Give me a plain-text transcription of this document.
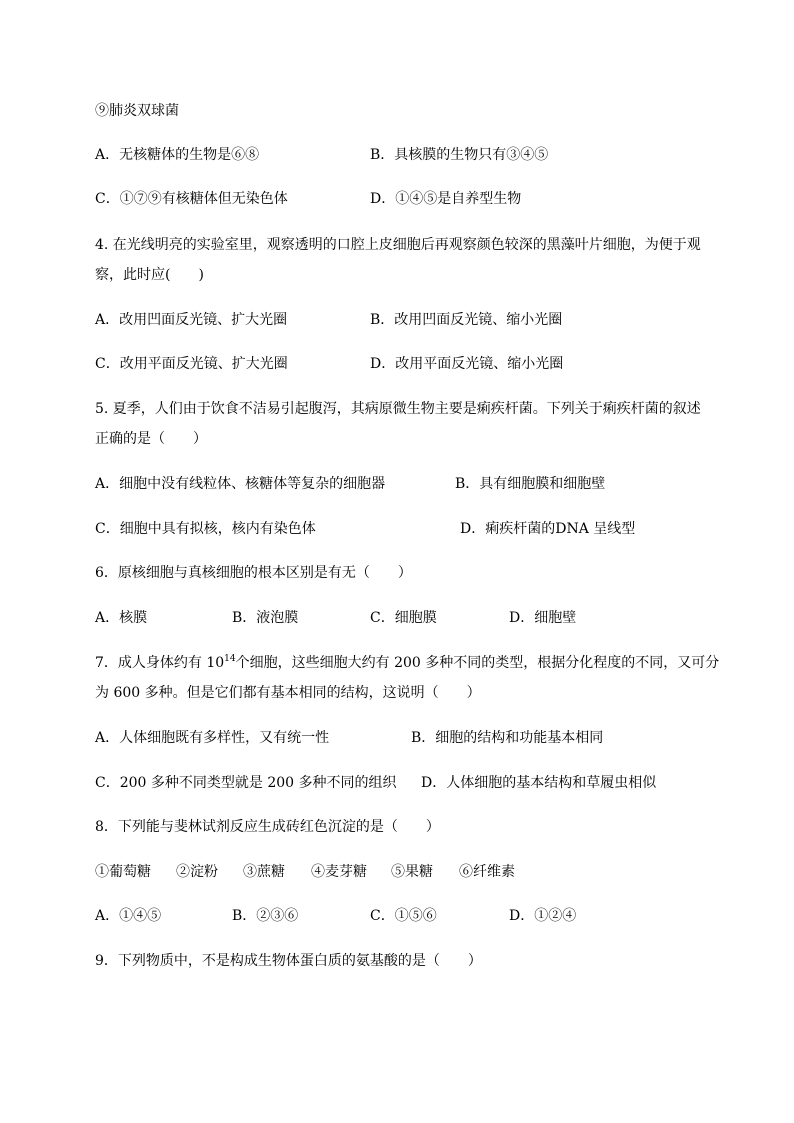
⑨肺炎双球菌
A．无核糖体的生物是⑥⑧	B．具核膜的生物只有③④⑤
C．①⑦⑨有核糖体但无染色体	D．①④⑤是自养型生物
4. 在光线明亮的实验室里，观察透明的口腔上皮细胞后再观察颜色较深的黑藻叶片细胞，为便于观
察，此时应(　　)
A．改用凹面反光镜、扩大光圈	B．改用凹面反光镜、缩小光圈
C．改用平面反光镜、扩大光圈	D．改用平面反光镜、缩小光圈
5. 夏季，人们由于饮食不洁易引起腹泻，其病原微生物主要是痢疾杆菌。下列关于痢疾杆菌的叙述
正确的是（　　）
A．细胞中没有线粒体、核糖体等复杂的细胞器	B．具有细胞膜和细胞壁
C．细胞中具有拟核，核内有染色体	D．痢疾杆菌的DNA 呈线型
6．原核细胞与真核细胞的根本区别是有无（　　）
A．核膜	B．液泡膜	C．细胞膜	D．细胞壁
7．成人身体约有 $10^{14}$个细胞，这些细胞大约有 200 多种不同的类型，根据分化程度的不同，又可分
为 600 多种。但是它们都有基本相同的结构，这说明（　　）
A．人体细胞既有多样性，又有统一性	B．细胞的结构和功能基本相同
C．200 多种不同类型就是 200 多种不同的组织 D．人体细胞的基本结构和草履虫相似
8．下列能与斐林试剂反应生成砖红色沉淀的是（　　）
①葡萄糖 ②淀粉 ③蔗糖 ④麦芽糖 ⑤果糖 ⑥纤维素
A．①④⑤	B．②③⑥	C．①⑤⑥	D．①②④
9．下列物质中，不是构成生物体蛋白质的氨基酸的是（　　）
